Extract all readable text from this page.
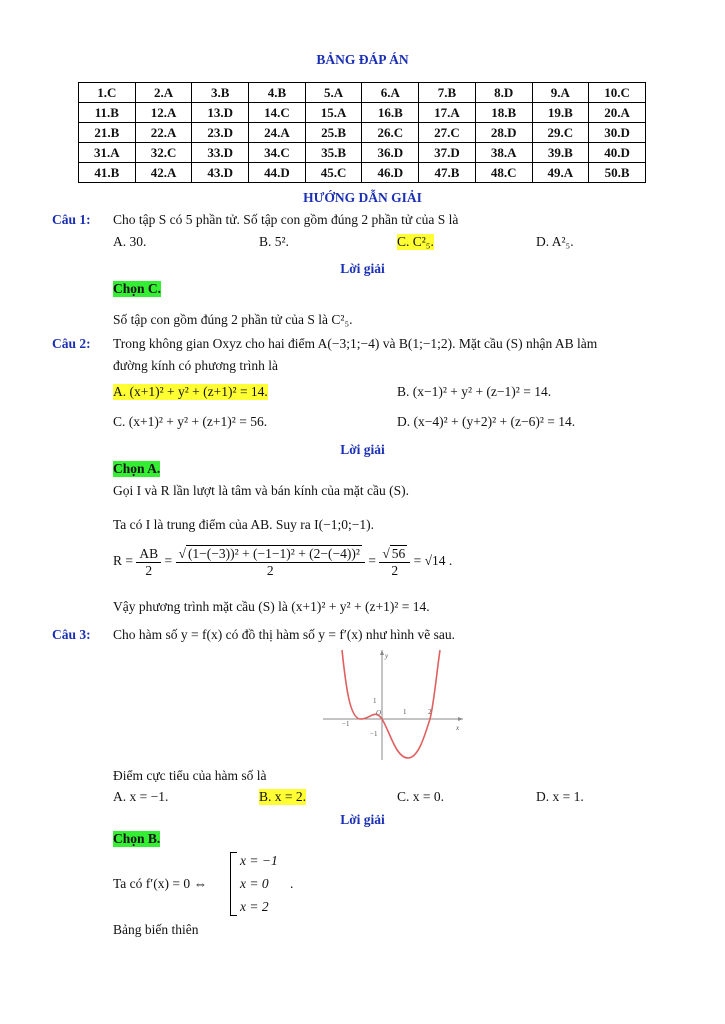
BẢNG ĐÁP ÁN
1.C	2.A	3.B	4.B	5.A	6.A	7.B	8.D	9.A	10.C
11.B	12.A	13.D	14.C	15.A	16.B	17.A	18.B	19.B	20.A
21.B	22.A	23.D	24.A	25.B	26.C	27.C	28.D	29.C	30.D
31.A	32.C	33.D	34.C	35.B	36.D	37.D	38.A	39.B	40.D
41.B	42.A	43.D	44.D	45.C	46.D	47.B	48.C	49.A	50.B
HƯỚNG DẪN GIẢI
Câu 1: Cho tập S có 5 phần tử. Số tập con gồm đúng 2 phần tử của S là
A. 30.	B. 5².	C. C²₅.	D. A²₅.
Lời giải
Chọn C.
Số tập con gồm đúng 2 phần tử của S là C²₅.
Câu 2: Trong không gian Oxyz cho hai điểm A(−3;1;−4) và B(1;−1;2). Mặt cầu (S) nhận AB làm
đường kính có phương trình là
A. (x+1)² + y² + (z+1)² = 14.	B. (x−1)² + y² + (z−1)² = 14.
C. (x+1)² + y² + (z+1)² = 56.	D. (x−4)² + (y+2)² + (z−6)² = 14.
Lời giải
Chọn A.
Gọi I và R lần lượt là tâm và bán kính của mặt cầu (S).
Ta có I là trung điểm của AB. Suy ra I(−1;0;−1).
$R = \frac{AB}{2} = \frac{\text{√ (1−(−3))² + (−1−1)² + (2−(−4))²}}{2} = \frac{√ 56}{2} = √14$ .
Vậy phương trình mặt cầu (S) là (x+1)² + y² + (z+1)² = 14.
Câu 3: Cho hàm số y = f(x) có đồ thị hàm số y = f′(x) như hình vẽ sau.
x
y
O
−1
1	2
1
−1
Điểm cực tiểu của hàm số là
A. x = −1.	B. x = 2.	C. x = 0.	D. x = 1.
Lời giải
Chọn B.
Ta có f′(x) = 0 ⇔
x = −1
x = 0
x = 2
.
Bảng biến thiên
